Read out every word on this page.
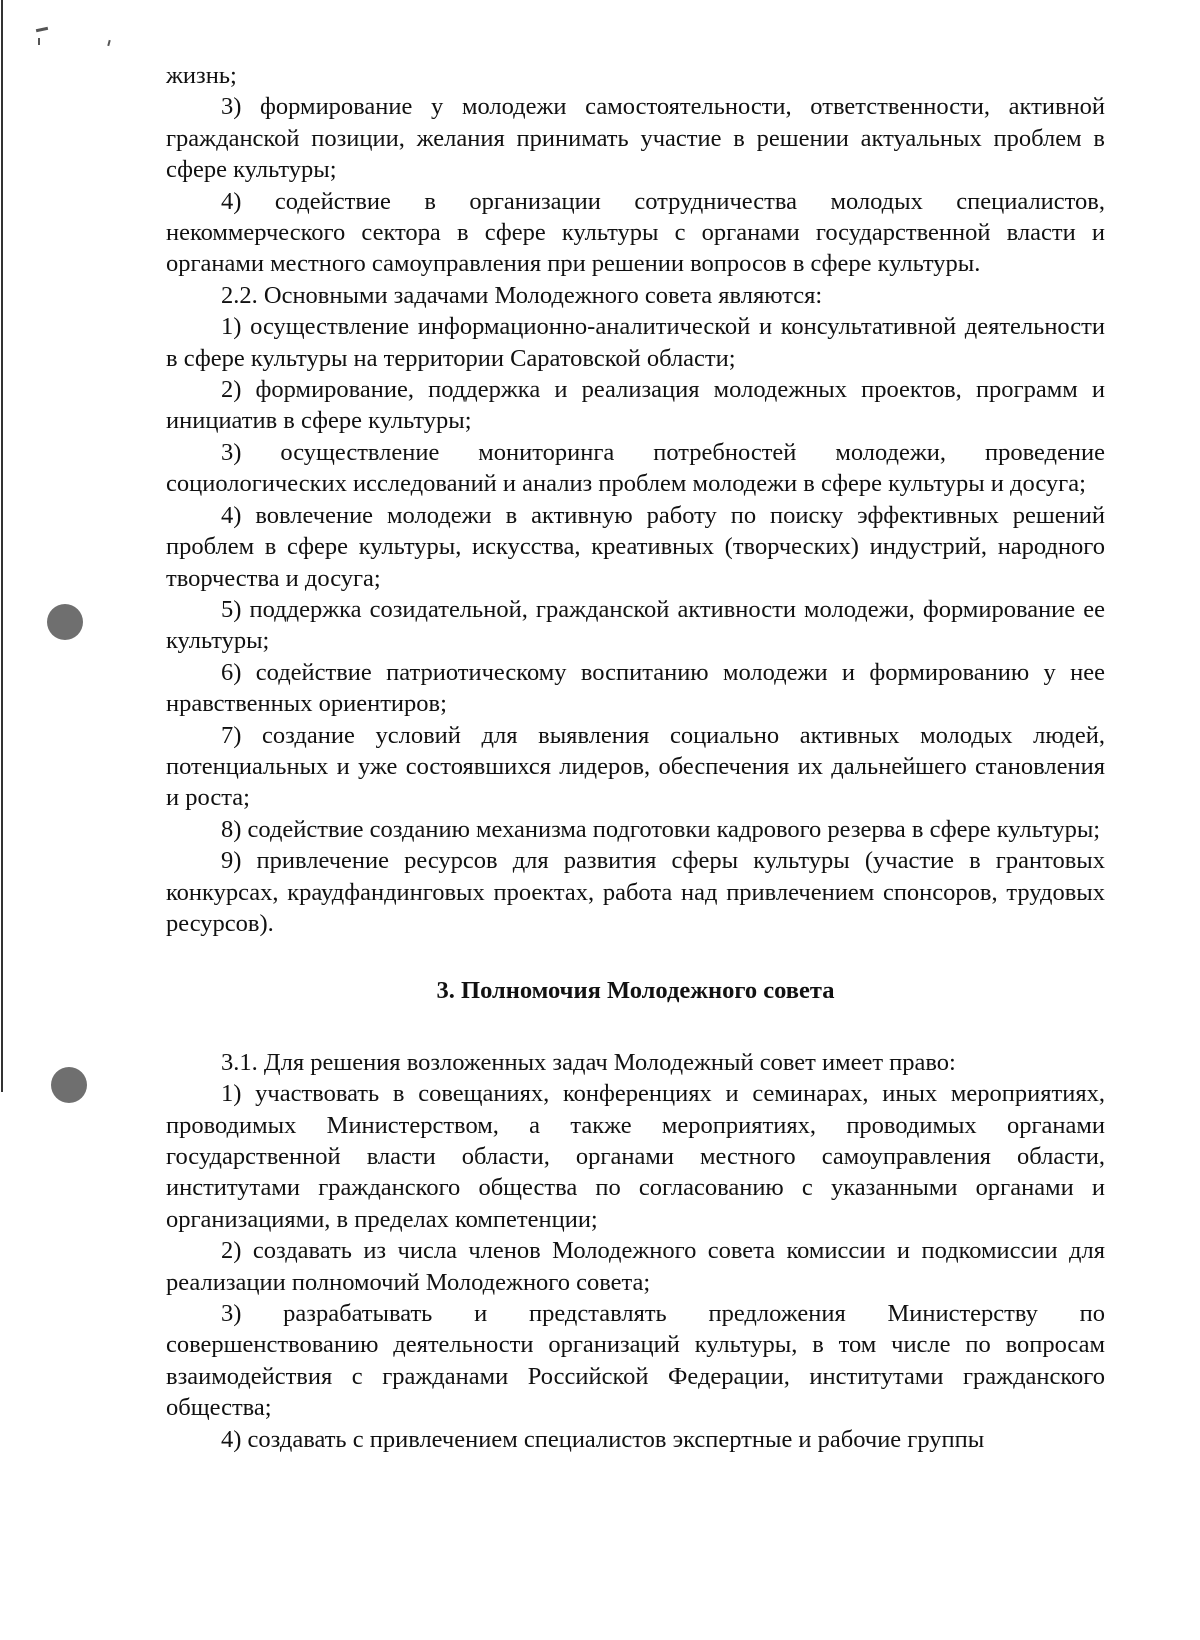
жизнь;

3) формирование у молодежи самостоятельности, ответственности, активной гражданской позиции, желания принимать участие в решении актуальных проблем в сфере культуры;

4) содействие в организации сотрудничества молодых специалистов, некоммерческого сектора в сфере культуры с органами государственной власти и органами местного самоуправления при решении вопросов в сфере культуры.

2.2. Основными задачами Молодежного совета являются:

1) осуществление информационно-аналитической и консультативной деятельности в сфере культуры на территории Саратовской области;

2) формирование, поддержка и реализация молодежных проектов, программ и инициатив в сфере культуры;

3) осуществление мониторинга потребностей молодежи, проведение социологических исследований и анализ проблем молодежи в сфере культуры и досуга;

4) вовлечение молодежи в активную работу по поиску эффективных решений проблем в сфере культуры, искусства, креативных (творческих) индустрий, народного творчества и досуга;

5) поддержка созидательной, гражданской активности молодежи, формирование ее культуры;

6) содействие патриотическому воспитанию молодежи и формированию у нее нравственных ориентиров;

7) создание условий для выявления социально активных молодых людей, потенциальных и уже состоявшихся лидеров, обеспечения их дальнейшего становления и роста;

8) содействие созданию механизма подготовки кадрового резерва в сфере культуры;

9) привлечение ресурсов для развития сферы культуры (участие в грантовых конкурсах, краудфандинговых проектах, работа над привлечением спонсоров, трудовых ресурсов).

3. Полномочия Молодежного совета

3.1. Для решения возложенных задач Молодежный совет имеет право:

1) участвовать в совещаниях, конференциях и семинарах, иных мероприятиях, проводимых Министерством, а также мероприятиях, проводимых органами государственной власти области, органами местного самоуправления области, институтами гражданского общества по согласованию с указанными органами и организациями, в пределах компетенции;

2) создавать из числа членов Молодежного совета комиссии и подкомиссии для реализации полномочий Молодежного совета;

3) разрабатывать и представлять предложения Министерству по совершенствованию деятельности организаций культуры, в том числе по вопросам взаимодействия с гражданами Российской Федерации, институтами гражданского общества;

4) создавать с привлечением специалистов экспертные и рабочие группы
